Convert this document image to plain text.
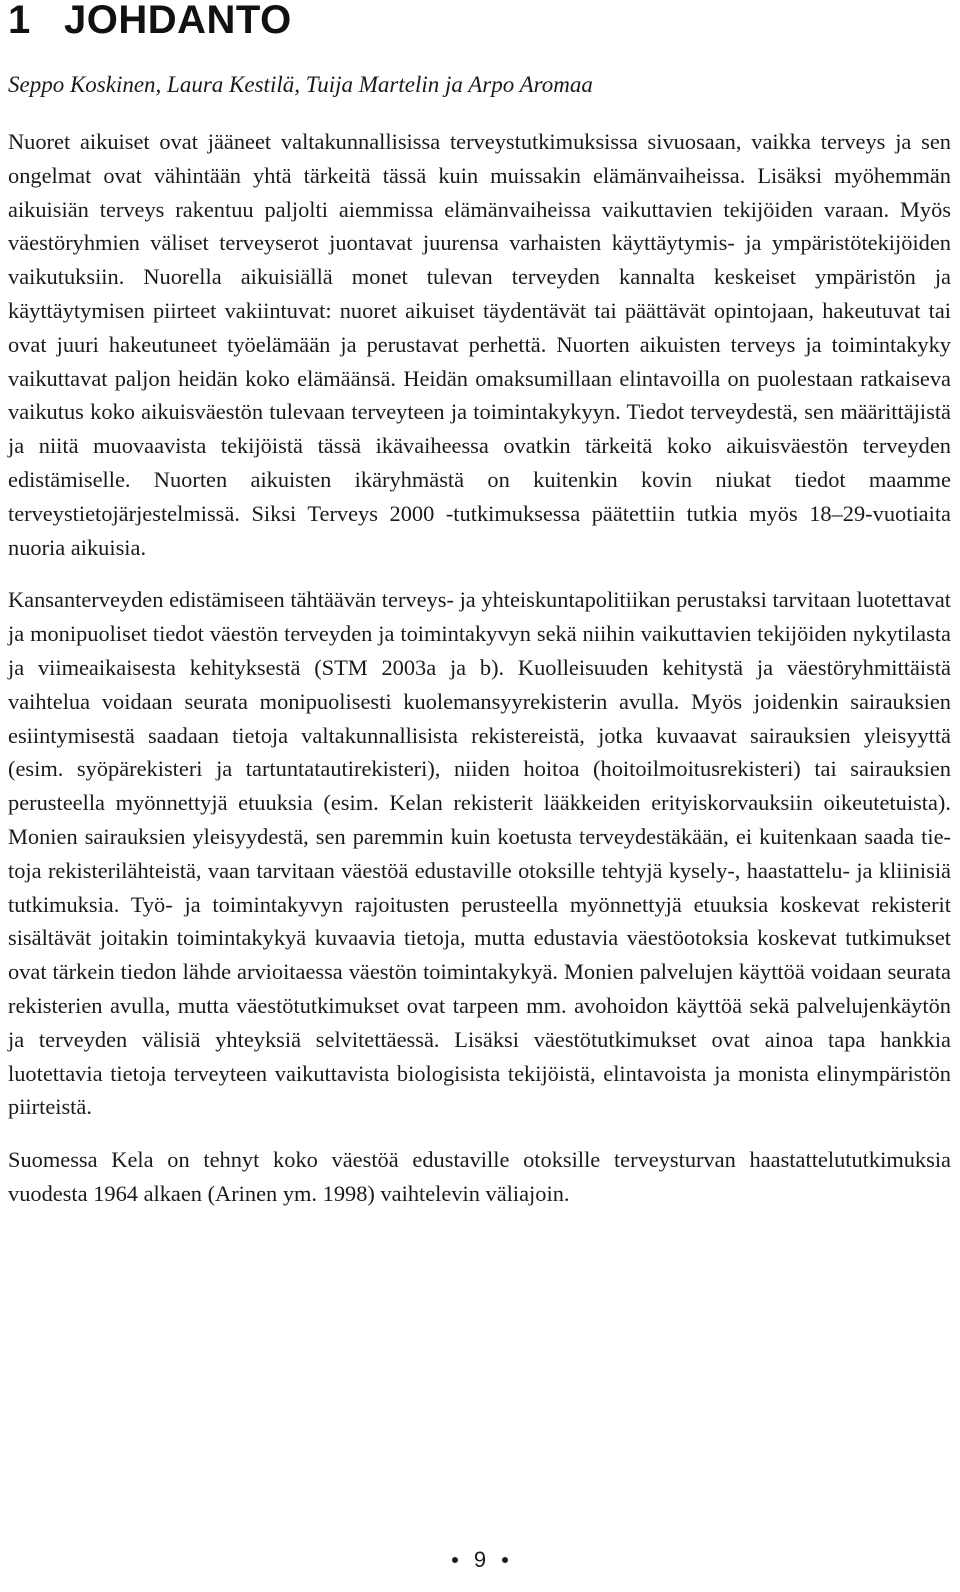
1 JOHDANTO

Seppo Koskinen, Laura Kestilä, Tuija Martelin ja Arpo Aromaa

Nuoret aikuiset ovat jääneet valtakunnallisissa terveystutkimuksissa sivuosaan, vaikka terveys ja sen ongelmat ovat vähintään yhtä tärkeitä tässä kuin muissakin elämänvaiheissa. Lisäksi myöhemmän aikuisiän terveys rakentuu paljolti aiemmissa elämänvaiheissa vaikuttavien tekijöiden varaan. Myös väestöryhmien väliset terveyserot juontavat juurensa varhaisten käyttäytymis- ja ympäristötekijöiden vaikutuksiin. Nuorella aikuisiällä monet tulevan terveyden kannalta keskeiset ympäristön ja käyttäytymisen piirteet vakiintuvat: nuoret aikuiset täydentävät tai päättävät opintojaan, hakeutuvat tai ovat juuri hakeutuneet työelämään ja perustavat perhettä. Nuorten aikuisten terveys ja toimintakyky vaikuttavat paljon heidän koko elämäänsä. Heidän omaksumillaan elintavoilla on puolestaan ratkaiseva vaikutus koko aikuisväestön tulevaan terveyteen ja toimintakykyyn. Tiedot terveydestä, sen määrittäjistä ja niitä muovaavista tekijöistä tässä ikävaiheessa ovatkin tärkeitä koko aikuisväestön terveyden edistämiselle. Nuorten aikuisten ikäryhmästä on kuitenkin kovin niukat tiedot maamme terveystietojärjestelmissä. Siksi Terveys 2000 -tutkimuksessa päätettiin tutkia myös 18–29-vuotiaita nuoria aikuisia.

Kansanterveyden edistämiseen tähtäävän terveys- ja yhteiskuntapolitiikan perustaksi tarvitaan luotettavat ja monipuoliset tiedot väestön terveyden ja toimintakyvyn sekä niihin vaikuttavien tekijöiden nykytilasta ja viimeaikaisesta kehityksestä (STM 2003a ja b). Kuolleisuuden kehitystä ja väestöryhmittäistä vaihtelua voidaan seurata monipuolisesti kuolemansyyrekisterin avulla. Myös joidenkin sairauksien esiintymisestä saadaan tietoja valtakunnallisista rekistereistä, jotka kuvaavat sairauksien yleisyyttä (esim. syöpärekisteri ja tartuntatautirekisteri), niiden hoitoa (hoitoilmoitusrekisteri) tai sairauksien perusteella myönnettyjä etuuksia (esim. Kelan rekisterit lääkkeiden erityiskorvauksiin oikeutetuista). Monien sairauksien yleisyydestä, sen paremmin kuin koetusta terveydestäkään, ei kuitenkaan saada tietoja rekisterilähteistä, vaan tarvitaan väestöä edustaville otoksille tehtyjä kysely-, haastattelu- ja kliinisiä tutkimuksia. Työ- ja toimintakyvyn rajoitusten perusteella myönnettyjä etuuksia koskevat rekisterit sisältävät joitakin toimintakykyä kuvaavia tietoja, mutta edustavia väestöotoksia koskevat tutkimukset ovat tärkein tiedon lähde arvioitaessa väestön toimintakykyä. Monien palvelujen käyttöä voidaan seurata rekisterien avulla, mutta väestötutkimukset ovat tarpeen mm. avohoidon käyttöä sekä palvelujenkäytön ja terveyden välisiä yhteyksiä selvitettäessä. Lisäksi väestötutkimukset ovat ainoa tapa hankkia luotettavia tietoja terveyteen vaikuttavista biologisista tekijöistä, elintavoista ja monista elinympäristön piirteistä.

Suomessa Kela on tehnyt koko väestöä edustaville otoksille terveysturvan haastattelututkimuksia vuodesta 1964 alkaen (Arinen ym. 1998) vaihtelevin väliajoin.

9
